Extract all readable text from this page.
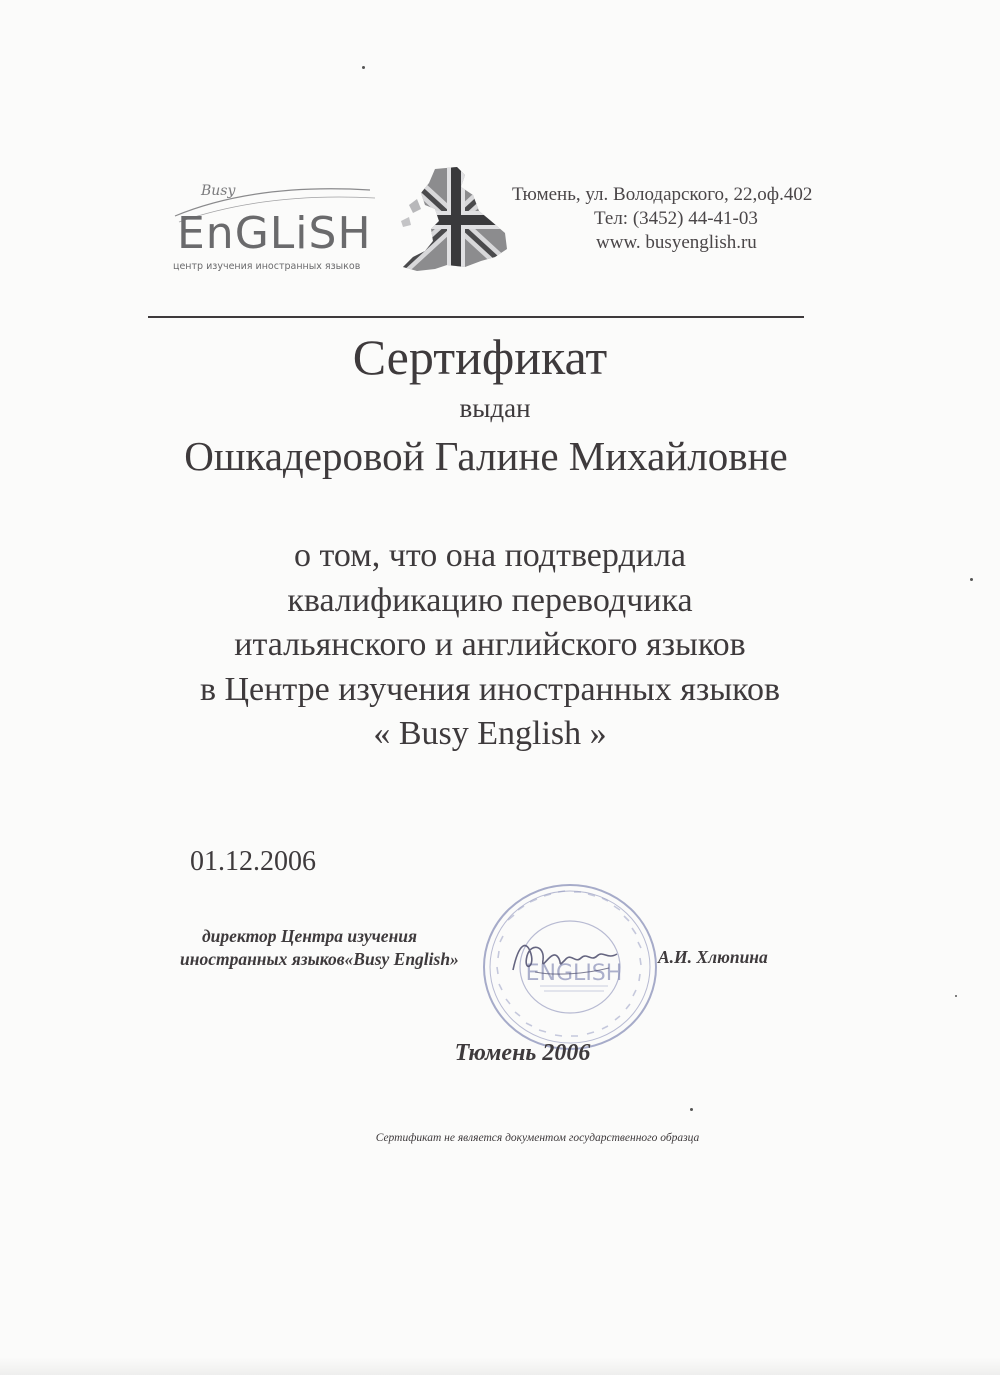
Busy
EnGLiSH
центр изучения иностранных языков
Тюмень, ул. Володарского, 22,оф.402
Тел: (3452) 44-41-03
www. busyenglish.ru
Сертификат
выдан
Ошкадеровой Галине Михайловне
о том, что она подтвердила
квалификацию переводчика
итальянского и английского языков
в Центре изучения иностранных языков
« Busy English »
01.12.2006
директор Центра изучения
иностранных языков«Busy English»
ENGLISH
А.И. Хлюпина
Тюмень 2006
Сертификат не является документом государственного образца
